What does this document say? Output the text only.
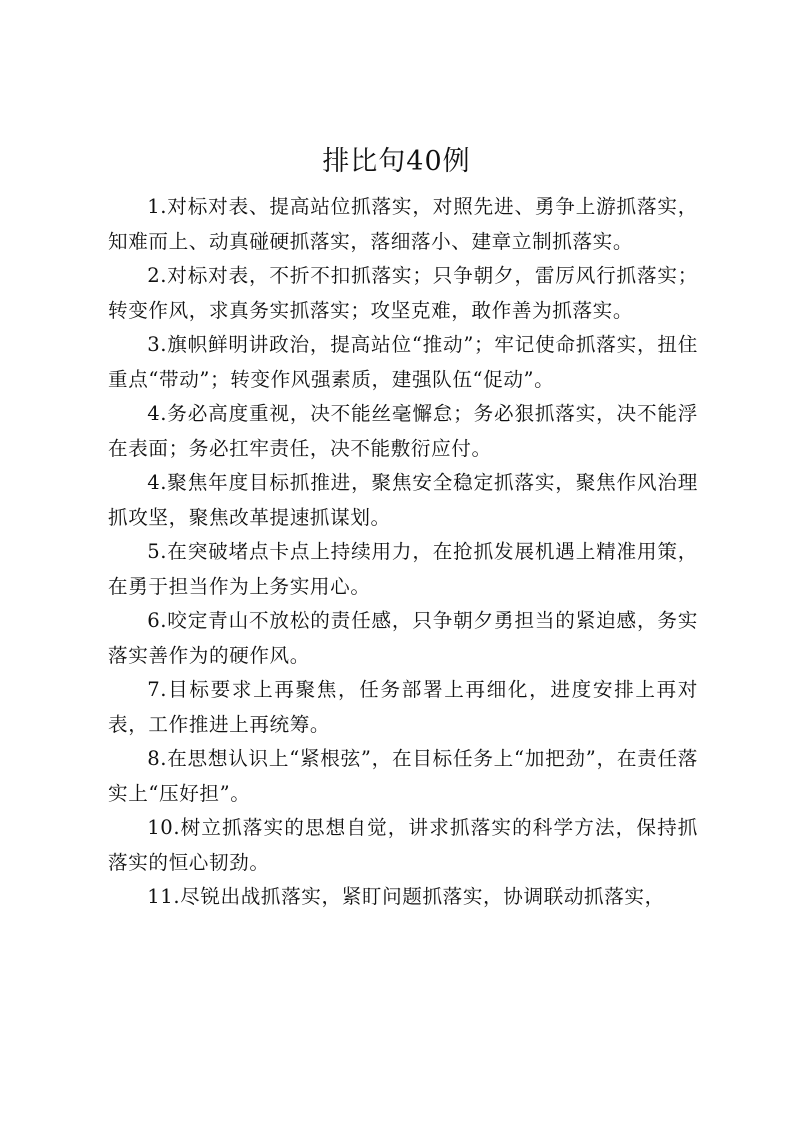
排比句40例

1.对标对表、提高站位抓落实，对照先进、勇争上游抓落实，知难而上、动真碰硬抓落实，落细落小、建章立制抓落实。

2.对标对表，不折不扣抓落实；只争朝夕，雷厉风行抓落实；转变作风，求真务实抓落实；攻坚克难，敢作善为抓落实。

3.旗帜鲜明讲政治，提高站位“推动”；牢记使命抓落实，扭住重点“带动”；转变作风强素质，建强队伍“促动”。

4.务必高度重视，决不能丝毫懈怠；务必狠抓落实，决不能浮在表面；务必扛牢责任，决不能敷衍应付。

4.聚焦年度目标抓推进，聚焦安全稳定抓落实，聚焦作风治理抓攻坚，聚焦改革提速抓谋划。

5.在突破堵点卡点上持续用力，在抢抓发展机遇上精准用策，在勇于担当作为上务实用心。

6.咬定青山不放松的责任感，只争朝夕勇担当的紧迫感，务实落实善作为的硬作风。

7.目标要求上再聚焦，任务部署上再细化，进度安排上再对表，工作推进上再统筹。

8.在思想认识上“紧根弦”，在目标任务上“加把劲”，在责任落实上“压好担”。

10.树立抓落实的思想自觉，讲求抓落实的科学方法，保持抓落实的恒心韧劲。

11.尽锐出战抓落实，紧盯问题抓落实，协调联动抓落实，
